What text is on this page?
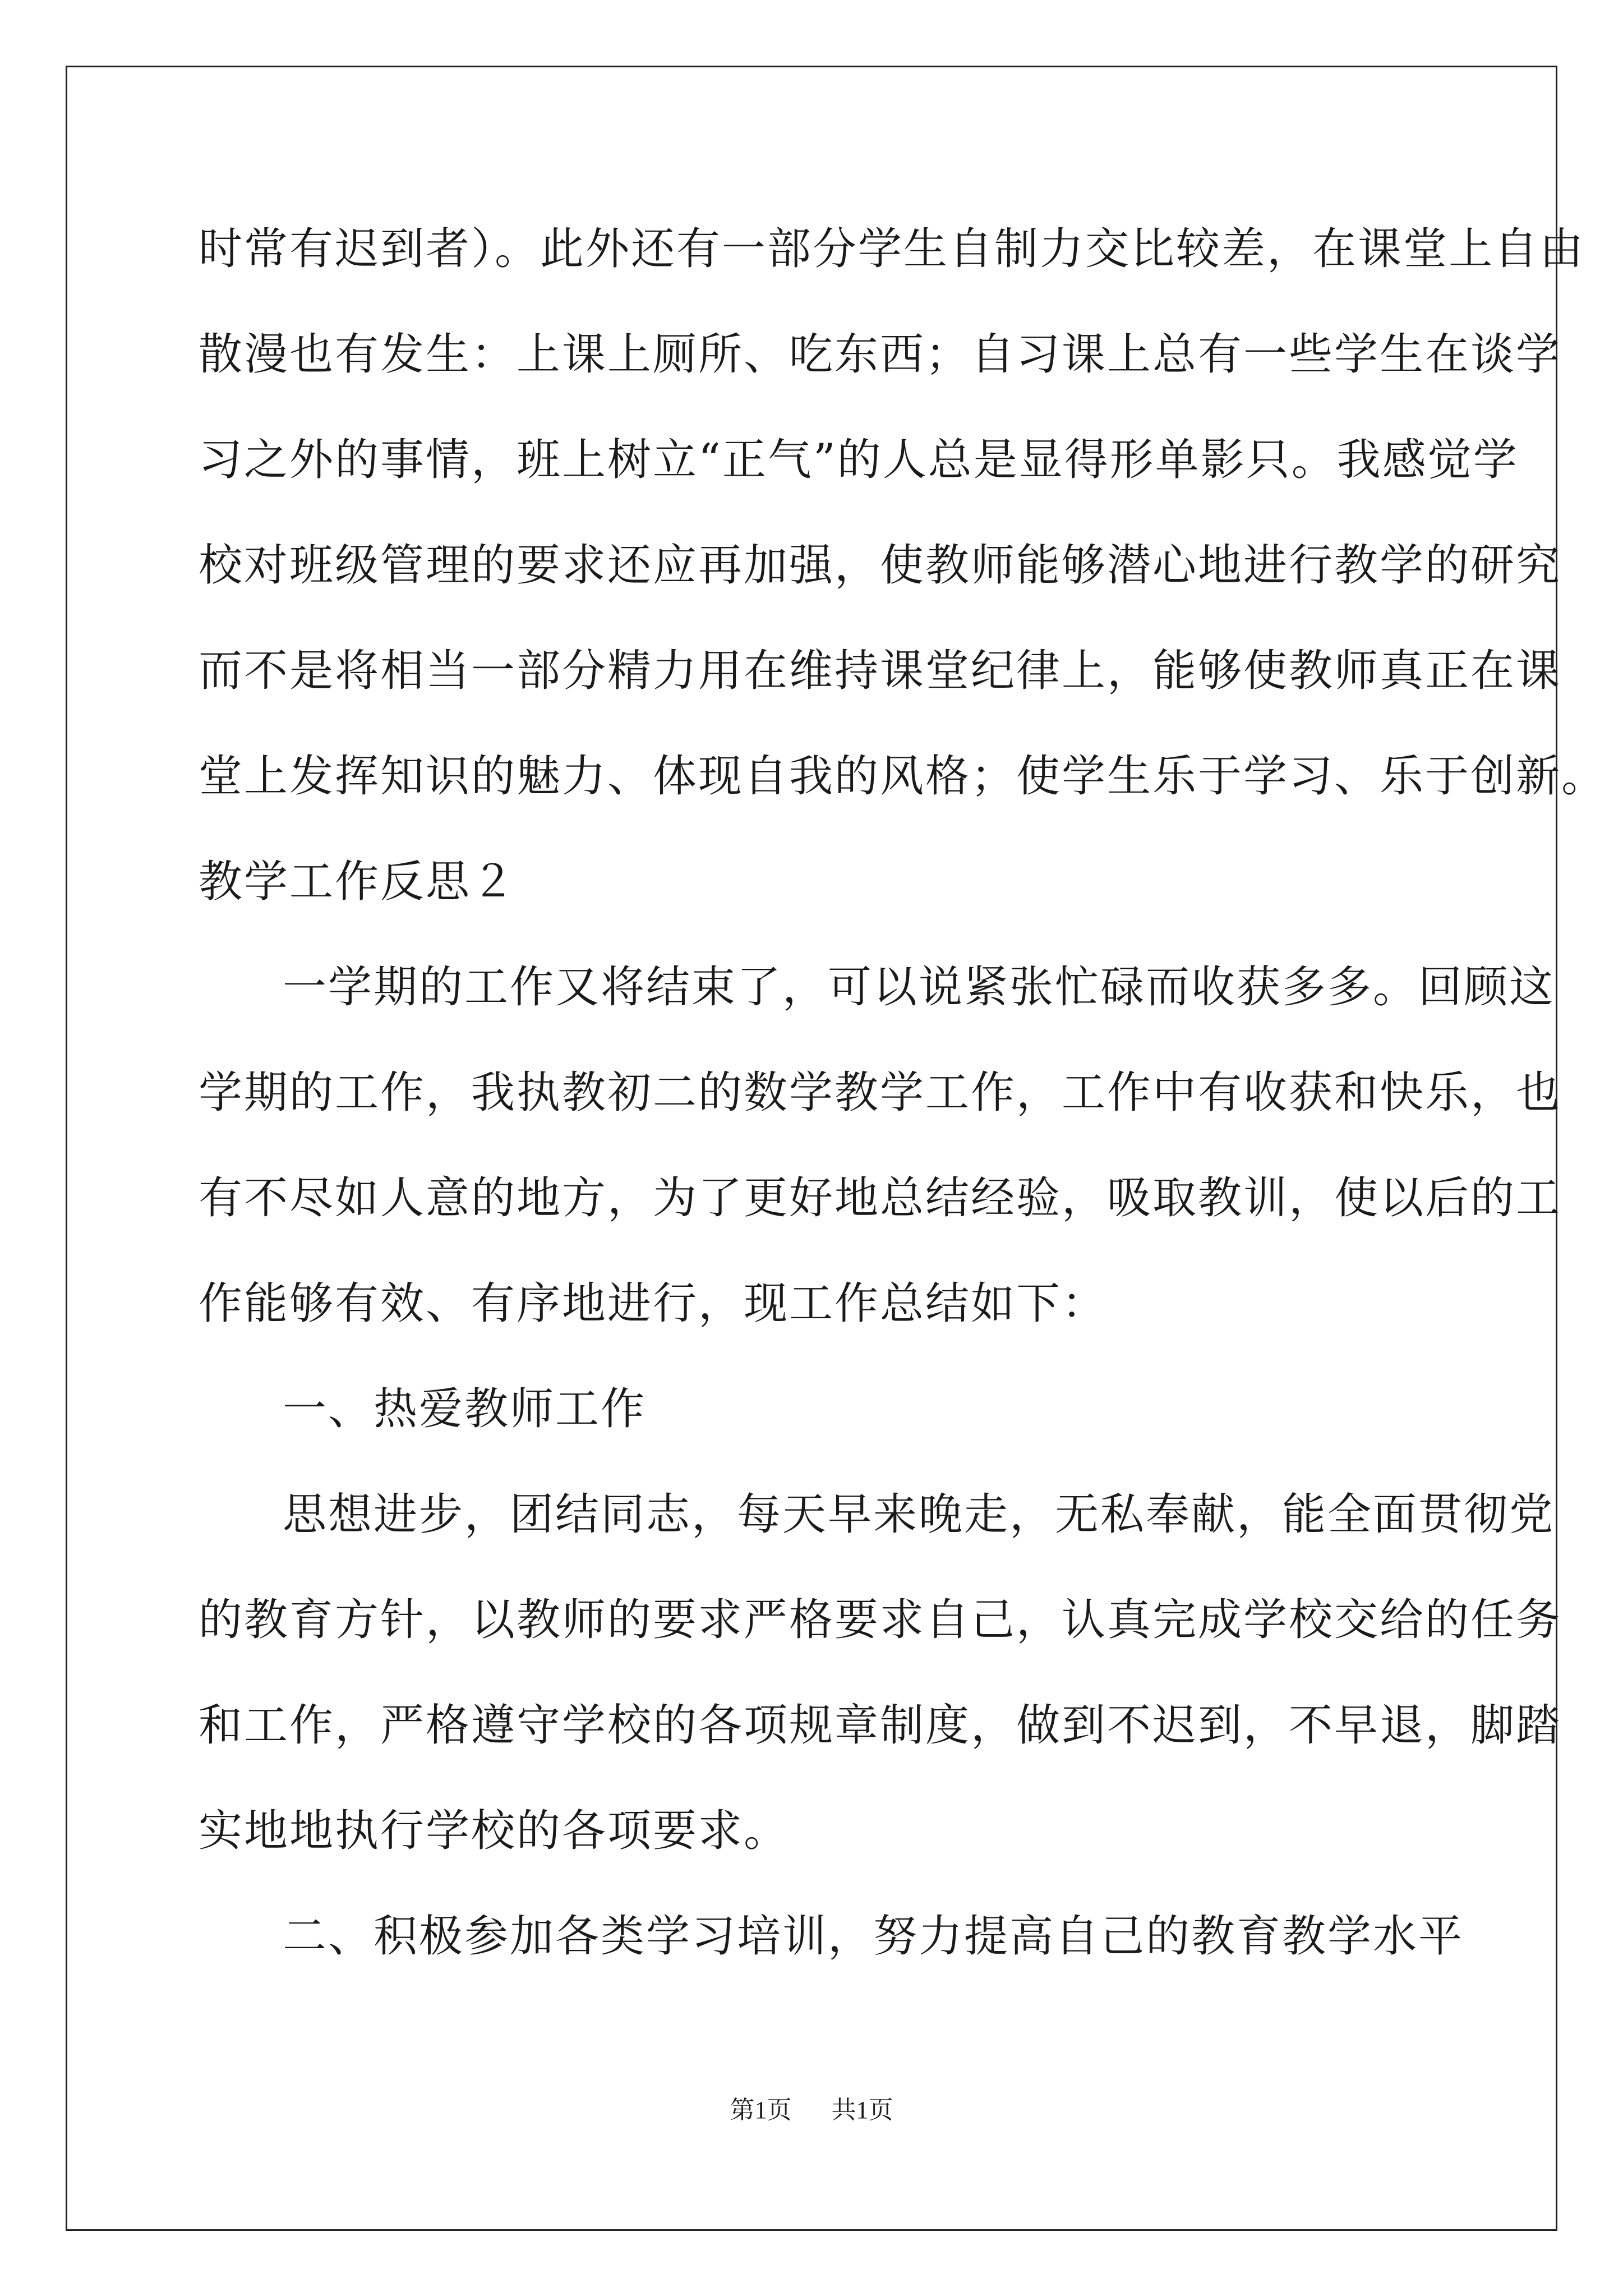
时常有迟到者）。此外还有一部分学生自制力交比较差，在课堂上自由
散漫也有发生：上课上厕所、吃东西；自习课上总有一些学生在谈学
习之外的事情，班上树立“正气”的人总是显得形单影只。我感觉学
校对班级管理的要求还应再加强，使教师能够潜心地进行教学的研究
而不是将相当一部分精力用在维持课堂纪律上，能够使教师真正在课
堂上发挥知识的魅力、体现自我的风格；使学生乐于学习、乐于创新。
教学工作反思２
一学期的工作又将结束了，可以说紧张忙碌而收获多多。回顾这
学期的工作，我执教初二的数学教学工作，工作中有收获和快乐，也
有不尽如人意的地方，为了更好地总结经验，吸取教训，使以后的工
作能够有效、有序地进行，现工作总结如下：
一、热爱教师工作
思想进步，团结同志，每天早来晚走，无私奉献，能全面贯彻党
的教育方针，以教师的要求严格要求自己，认真完成学校交给的任务
和工作，严格遵守学校的各项规章制度，做到不迟到，不早退，脚踏
实地地执行学校的各项要求。
二、积极参加各类学习培训，努力提高自己的教育教学水平
第1页 共1页
